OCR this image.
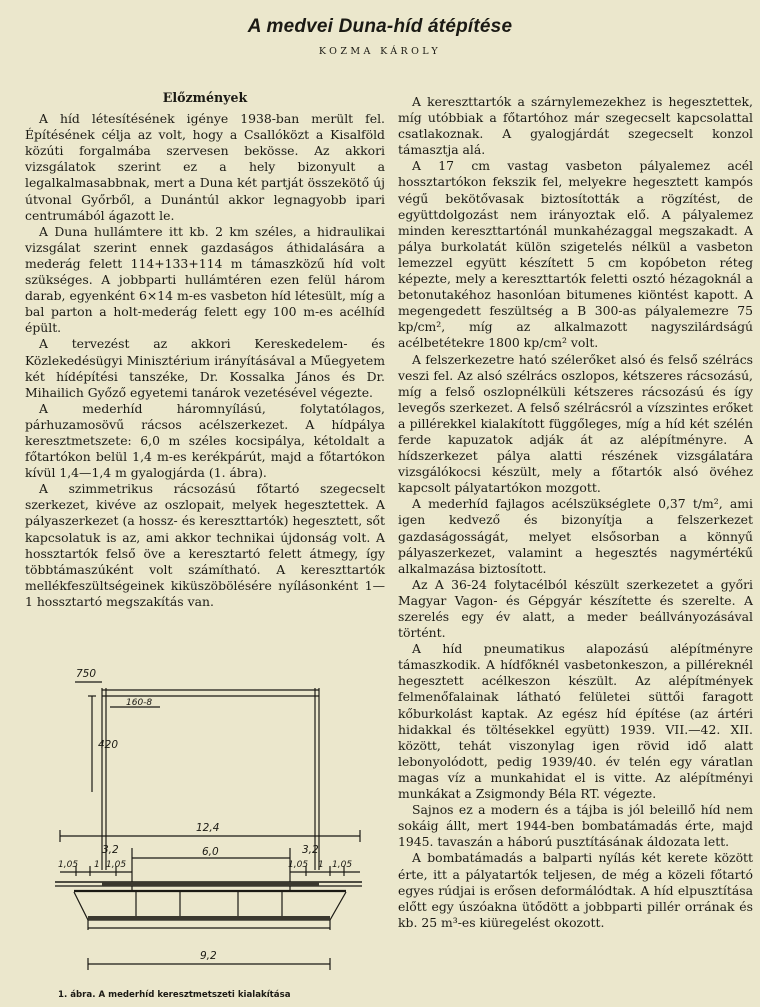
A medvei Duna-híd átépítése
KOZMA KÁROLY
Előzmények

A híd létesítésének igénye 1938-ban merült fel. Építésének célja az volt, hogy a Csallóközt a Kisalföld közúti forgalmába szervesen bekösse. Az akkori vizsgálatok szerint ez a hely bizonyult a legalkalmasabbnak, mert a Duna két partját összekötő új útvonal Győrből, a Dunántúl akkor legnagyobb ipari centrumából ágazott le.

A Duna hullámtere itt kb. 2 km széles, a hidraulikai vizsgálat szerint ennek gazdaságos áthidalására a mederág felett 114+133+114 m támaszközű híd volt szükséges. A jobbparti hullámtéren ezen felül három darab, egyenként 6×14 m-es vasbeton híd létesült, míg a bal parton a holt-mederág felett egy 100 m-es acélhíd épült.

A tervezést az akkori Kereskedelem- és Közlekedésügyi Minisztérium irányításával a Műegyetem két hídépítési tanszéke, Dr. Kossalka János és Dr. Mihailich Győző egyetemi tanárok vezetésével végezte.

A mederhíd háromnyílású, folytatólagos, párhuzamosövű rácsos acélszerkezet. A hídpálya keresztmetszete: 6,0 m széles kocsipálya, kétoldalt a főtartókon belül 1,4 m-es kerékpárút, majd a főtartókon kívül 1,4—1,4 m gyalogjárda (1. ábra).

A szimmetrikus rácsozású főtartó szegecselt szerkezet, kivéve az oszlopait, melyek hegesztettek. A pályaszerkezet (a hossz- és kereszttartók) hegesztett, sőt kapcsolatuk is az, ami akkor technikai újdonság volt. A hossztartók felső öve a keresztartó felett átmegy, így többtámaszúként volt számítható. A kereszttartók mellékfeszültségeinek kiküszöbölésére nyílásonként 1—1 hossztartó megszakítás van.

A kereszttartók a szárnylemezekhez is hegesztettek, míg utóbbiak a főtartóhoz már szegecselt kapcsolattal csatlakoznak. A gyalogjárdát szegecselt konzol támasztja alá.

A 17 cm vastag vasbeton pályalemez acél hossztartókon fekszik fel, melyekre hegesztett kampós végű bekötővasak biztosították a rögzítést, de együttdolgozást nem irányoztak elő. A pályalemez minden kereszttartónál munkahézaggal megszakadt. A pálya burkolatát külön szigetelés nélkül a vasbeton lemezzel együtt készített 5 cm kopóbeton réteg képezte, mely a kereszttartók feletti osztó hézagoknál a betonutakéhoz hasonlóan bitumenes kiöntést kapott. A megengedett feszültség a B 300-as pályalemezre 75 kp/cm², míg az alkalmazott nagyszilárdságú acélbetétekre 1800 kp/cm² volt.

A felszerkezetre ható szélerőket alsó és felső szélrács veszi fel. Az alsó szélrács oszlopos, kétszeres rácsozású, míg a felső oszlopnélküli kétszeres rácsozású és így levegős szerkezet. A felső szélrácsról a vízszintes erőket a pillérekkel kialakított függőleges, míg a híd két szélén ferde kapuzatok adják át az alépítményre. A hídszerkezet pálya alatti részének vizsgálatára vizsgálókocsi készült, mely a főtartók alsó övéhez kapcsolt pályatartókon mozgott.

A mederhíd fajlagos acélszükséglete 0,37 t/m², ami igen kedvező és bizonyítja a felszerkezet gazdaságosságát, melyet elsősorban a könnyű pályaszerkezet, valamint a hegesztés nagymértékű alkalmazása biztosított.

Az A 36-24 folytacélból készült szerkezetet a győri Magyar Vagon- és Gépgyár készítette és szerelte. A szerelés egy év alatt, a meder beállványozásával történt.

A híd pneumatikus alapozású alépítményre támaszkodik. A hídfőknél vasbetonkeszon, a pilléreknél hegesztett acélkeszon készült. Az alépítmények felmenőfalainak látható felületei süttői faragott kőburkolást kaptak. Az egész híd építése (az ártéri hidakkal és töltésekkel együtt) 1939. VII.—42. XII. között, tehát viszonylag igen rövid idő alatt lebonyolódott, pedig 1939/40. év telén egy váratlan magas víz a munkahidat el is vitte. Az alépítményi munkákat a Zsigmondy Béla RT. végezte.

Sajnos ez a modern és a tájba is jól beleillő híd nem sokáig állt, mert 1944-ben bombatámadás érte, majd 1945. tavaszán a háború pusztításának áldozata lett.

A bombatámadás a balparti nyílás két kerete között érte, itt a pályatartók teljesen, de még a közeli főtartó egyes rúdjai is erősen deformálódtak. A híd elpusztítása előtt egy úszóakna ütődött a jobbparti pillér orrának és kb. 25 m³-es kiüregelést okozott.

750
160-8
420
12,4
3,2	3,2
6,0
1,05 1 1,05	1,05 1 1,05
9,2
1. ábra. A mederhíd keresztmetszeti kialakítása
